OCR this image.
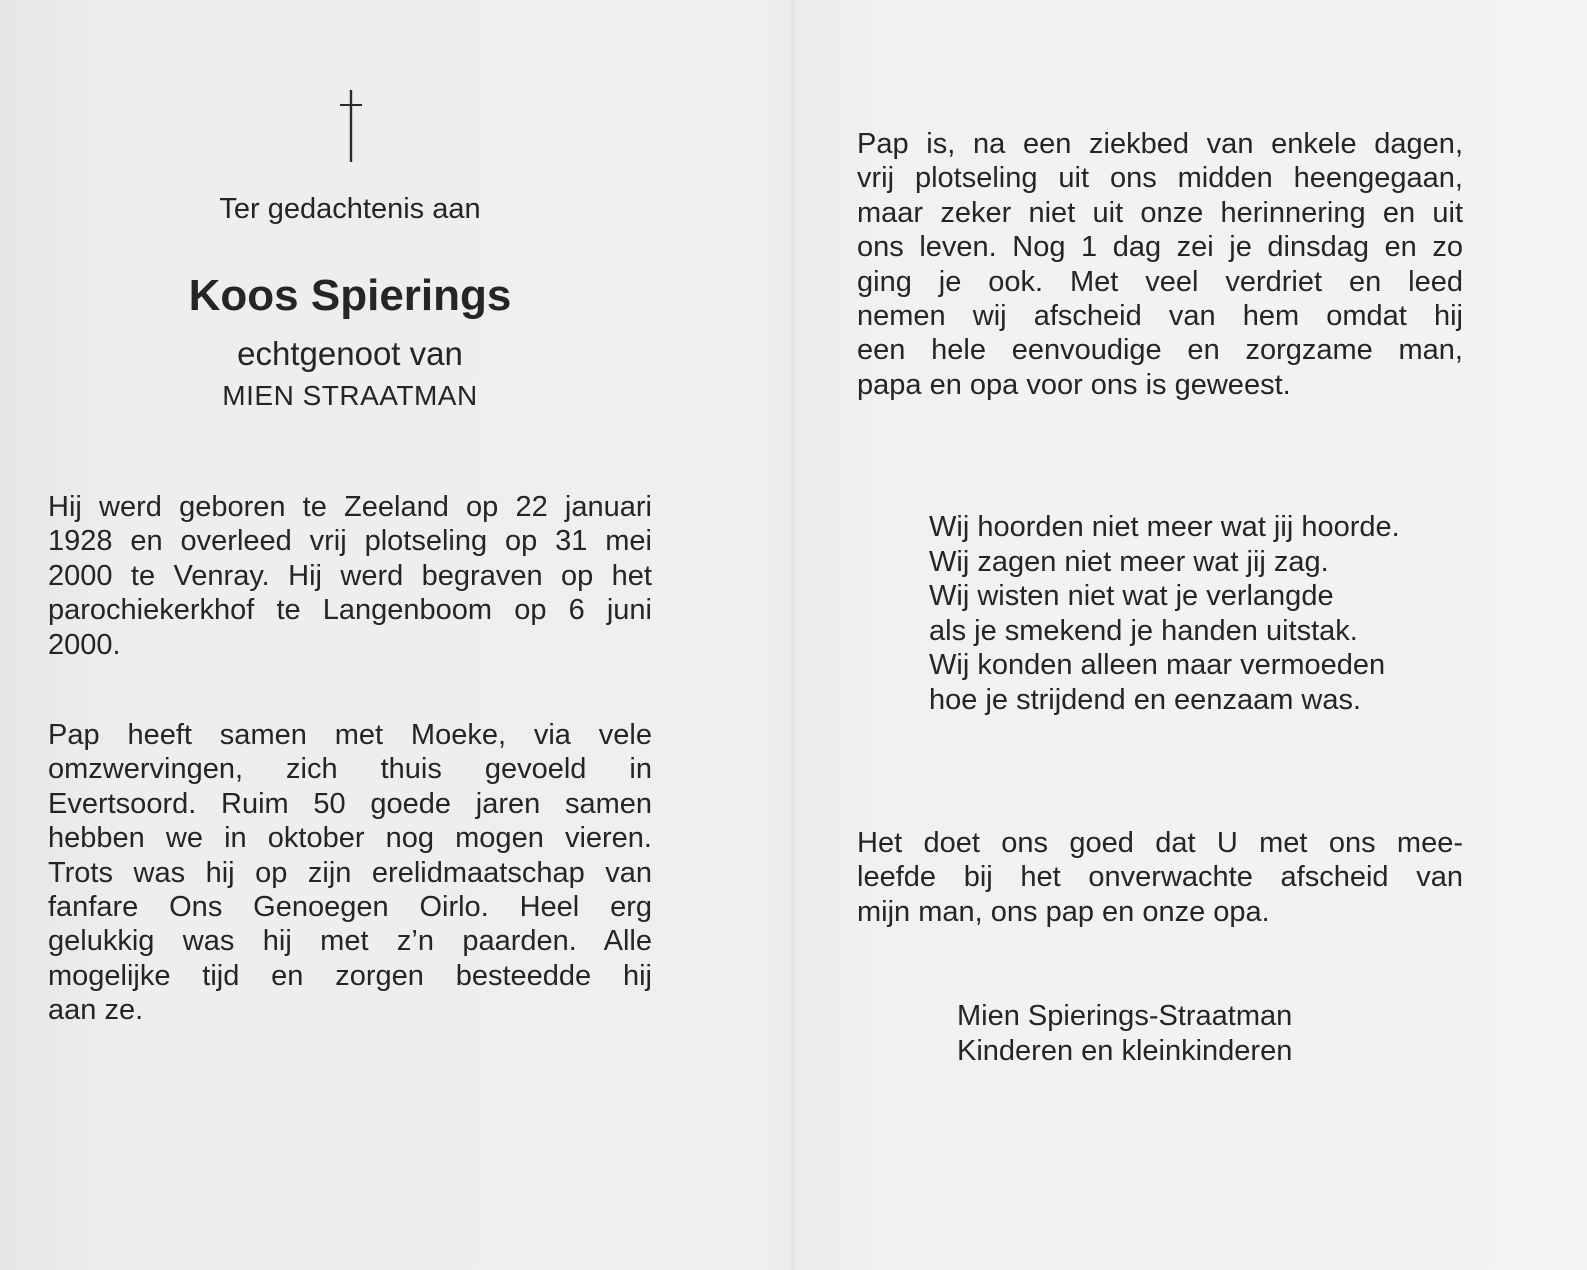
Ter gedachtenis aan
Koos Spierings
echtgenoot van
MIEN STRAATMAN

Hij werd geboren te Zeeland op 22 januari
1928 en overleed vrij plotseling op 31 mei
2000 te Venray. Hij werd begraven op het
parochiekerkhof te Langenboom op 6 juni
2000.

Pap heeft samen met Moeke, via vele
omzwervingen, zich thuis gevoeld in
Evertsoord. Ruim 50 goede jaren samen
hebben we in oktober nog mogen vieren.
Trots was hij op zijn erelidmaatschap van
fanfare Ons Genoegen Oirlo. Heel erg
gelukkig was hij met z’n paarden. Alle
mogelijke tijd en zorgen besteedde hij
aan ze.

Pap is, na een ziekbed van enkele dagen,
vrij plotseling uit ons midden heengegaan,
maar zeker niet uit onze herinnering en uit
ons leven. Nog 1 dag zei je dinsdag en zo
ging je ook. Met veel verdriet en leed
nemen wij afscheid van hem omdat hij
een hele eenvoudige en zorgzame man,
papa en opa voor ons is geweest.

Wij hoorden niet meer wat jij hoorde.
Wij zagen niet meer wat jij zag.
Wij wisten niet wat je verlangde
als je smekend je handen uitstak.
Wij konden alleen maar vermoeden
hoe je strijdend en eenzaam was.

Het doet ons goed dat U met ons mee-
leefde bij het onverwachte afscheid van
mijn man, ons pap en onze opa.

Mien Spierings-Straatman
Kinderen en kleinkinderen
